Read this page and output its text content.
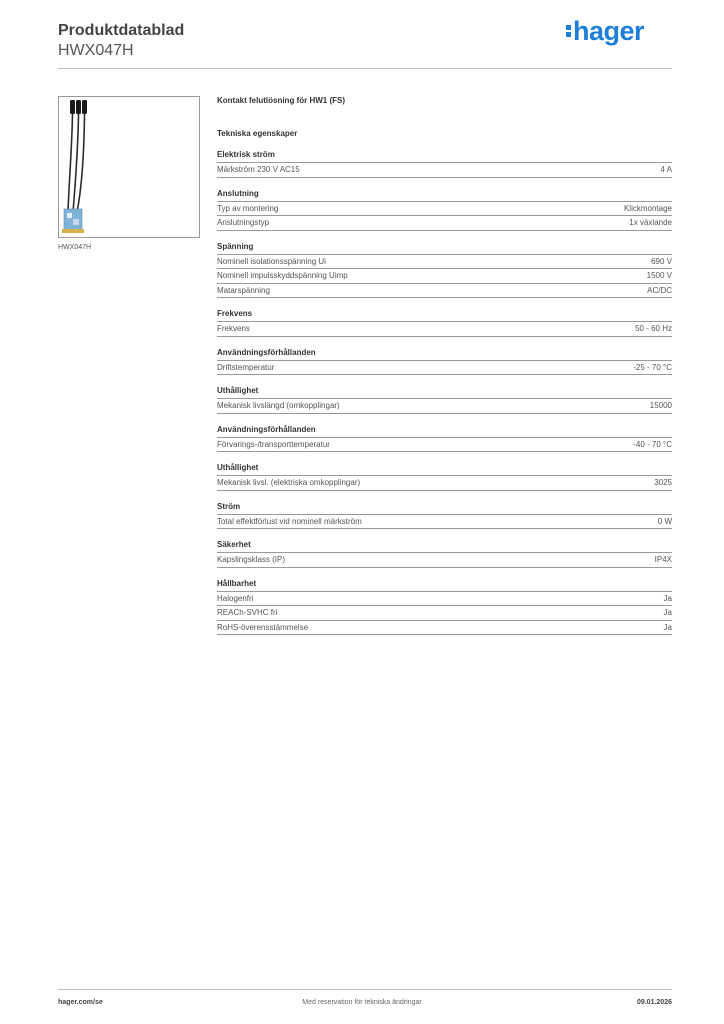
Produktdatablad
HWX047H
hager
HWX047H
Kontakt felutlösning för HW1 (FS)
Tekniska egenskaper
Elektrisk ström
Märkström 230 V AC15	4 A
Anslutning
Typ av montering	Klickmontage
Anslutningstyp	1x växlande
Spänning
Nominell isolationsspänning Ui	690 V
Nominell impulsskyddspänning Uimp	1500 V
Matarspänning	AC/DC
Frekvens
Frekvens	50 - 60 Hz
Användningsförhållanden
Driftstemperatur	-25 - 70 °C
Uthållighet
Mekanisk livslängd (omkopplingar)	15000
Användningsförhållanden
Förvarings-/transporttemperatur	-40 - 70 °C
Uthållighet
Mekanisk livsl. (elektriska omkopplingar)	3025
Ström
Total effektförlust vid nominell märkström	0 W
Säkerhet
Kapslingsklass (IP)	IP4X
Hållbarhet
Halogenfri	Ja
REACh-SVHC fri	Ja
RoHS-överensstämmelse	Ja
hager.com/se	Med reservation för tekniska ändringar	09.01.2026
